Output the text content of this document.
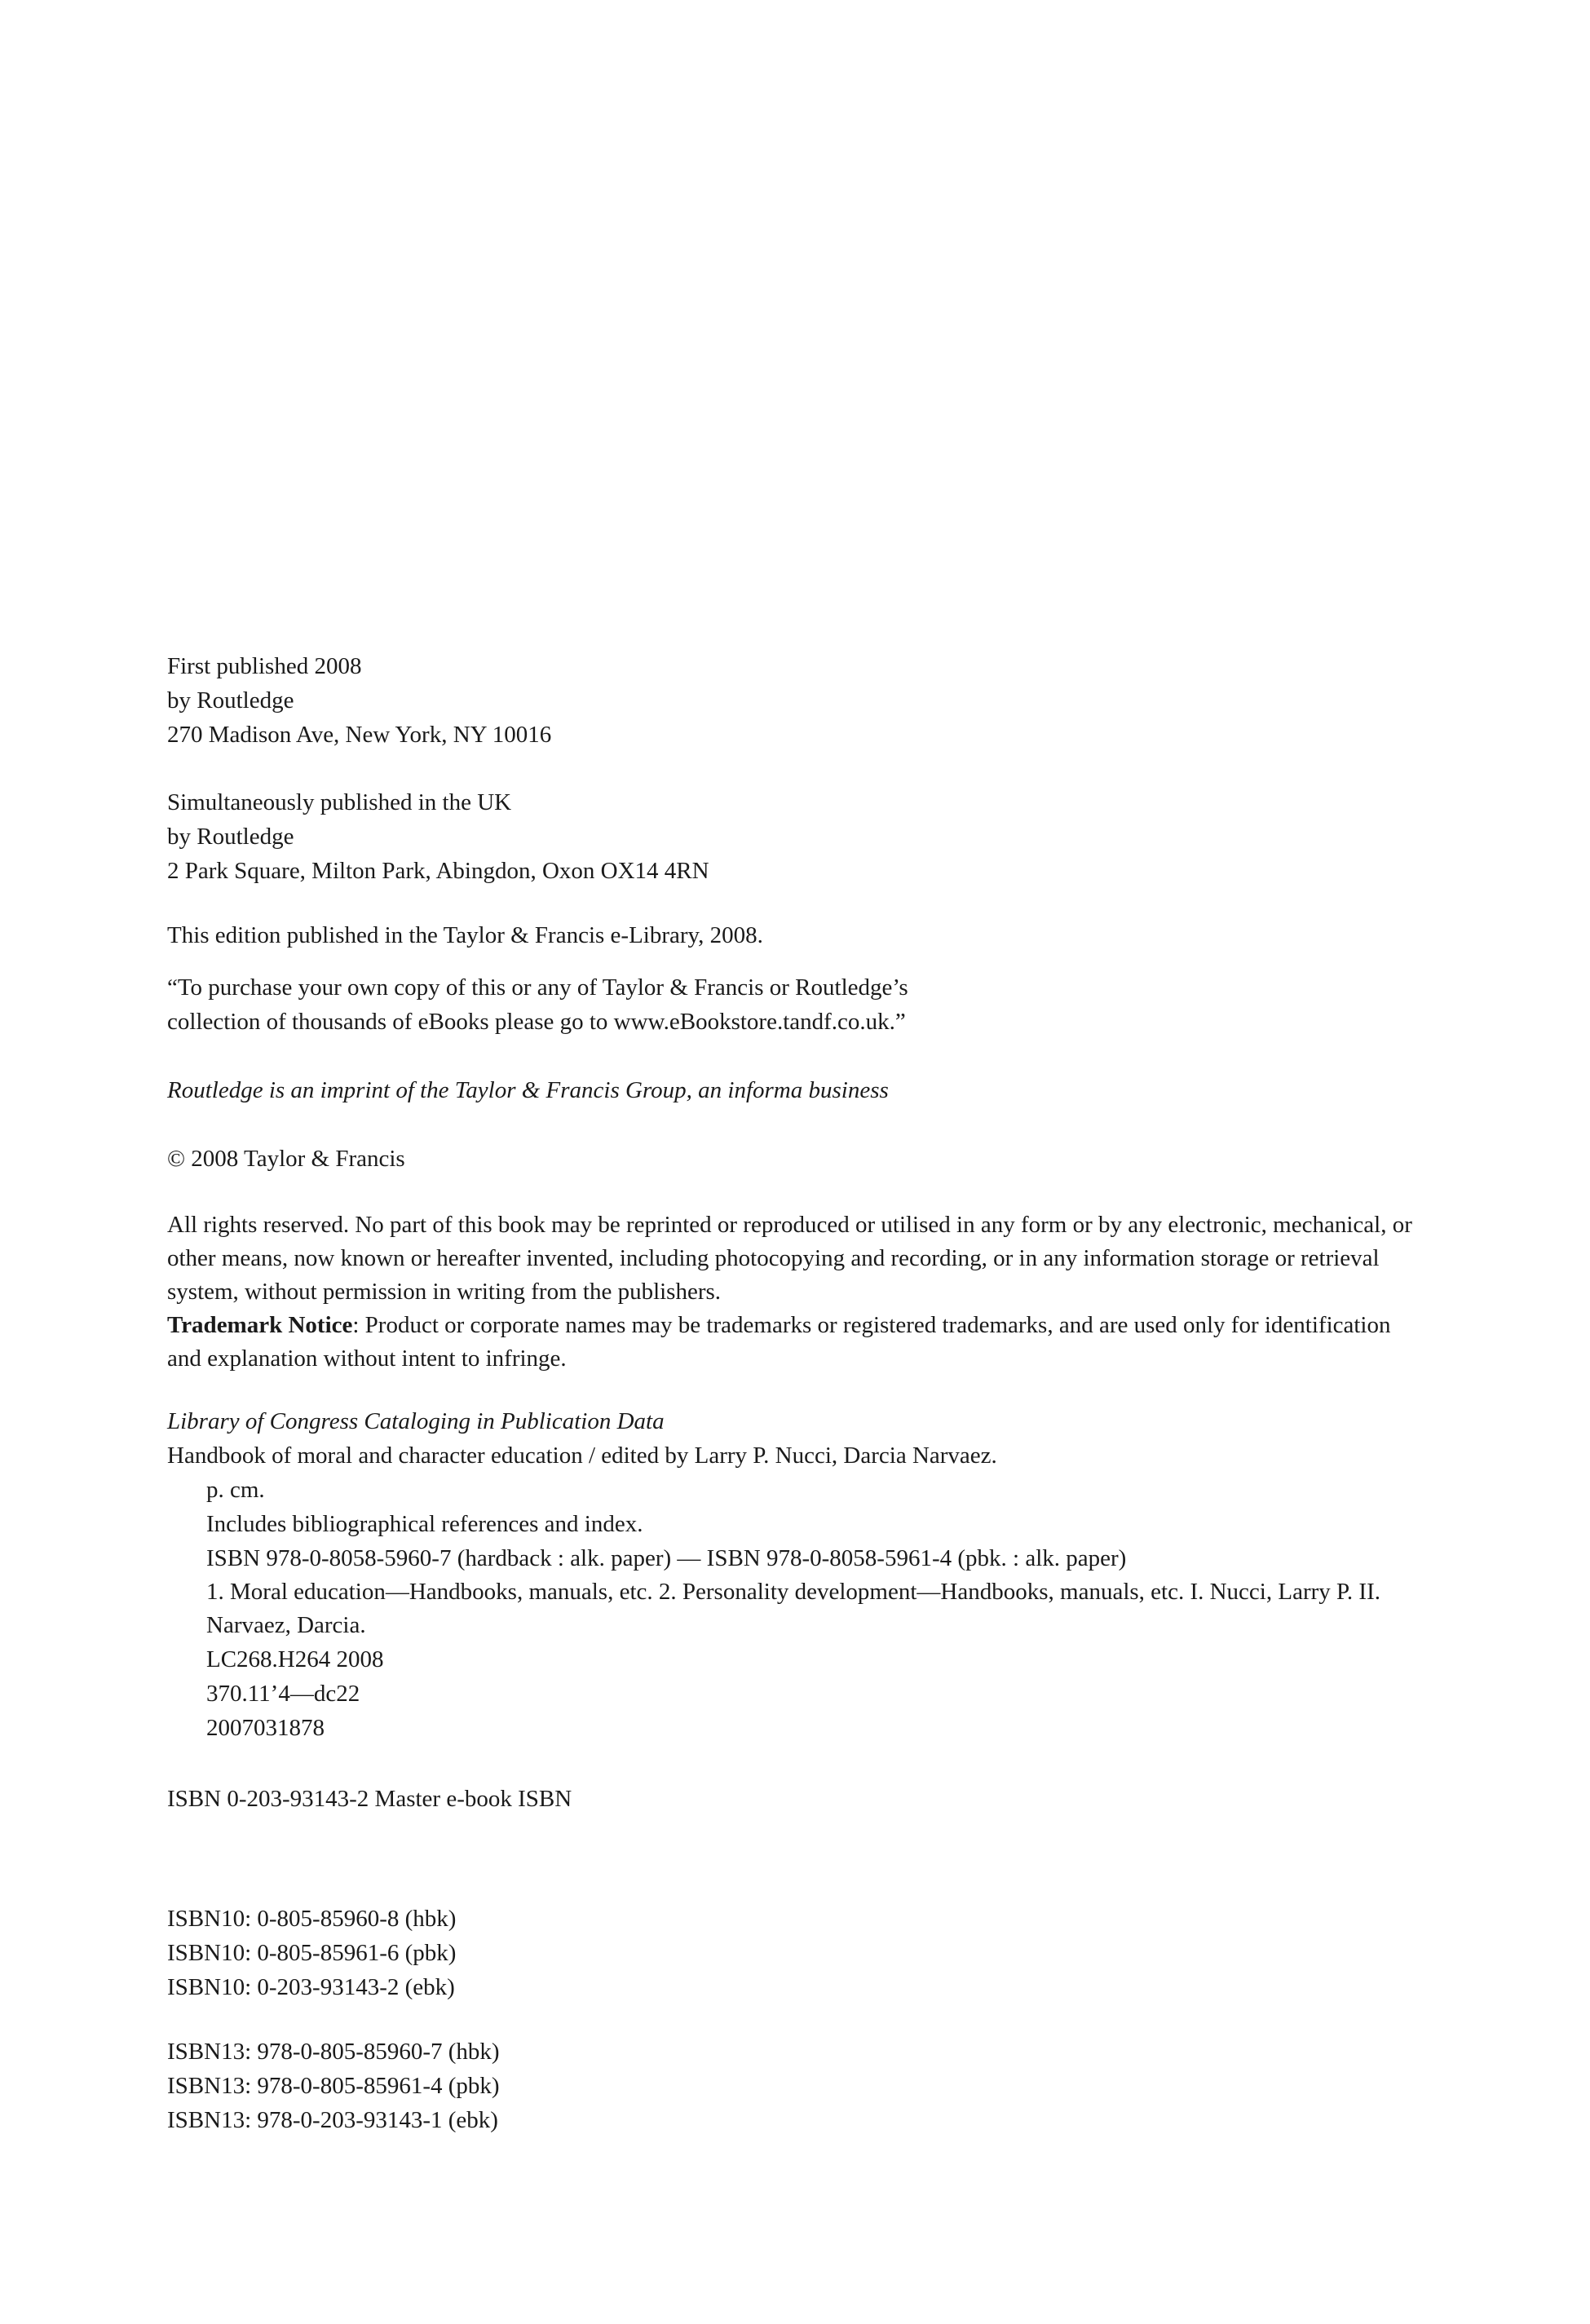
First published 2008
by Routledge
270 Madison Ave, New York, NY 10016
Simultaneously published in the UK
by Routledge
2 Park Square, Milton Park, Abingdon, Oxon OX14 4RN
This edition published in the Taylor & Francis e-Library, 2008.
“To purchase your own copy of this or any of Taylor & Francis or Routledge’s
collection of thousands of eBooks please go to www.eBookstore.tandf.co.uk.”
Routledge is an imprint of the Taylor & Francis Group, an informa business
© 2008 Taylor & Francis
All rights reserved. No part of this book may be reprinted or reproduced or utilised in any form or by any electronic, mechanical, or other means, now known or hereafter invented, including photocopying and recording, or in any information storage or retrieval system, without permission in writing from the publishers.
Trademark Notice: Product or corporate names may be trademarks or registered trademarks, and are used only for identification and explanation without intent to infringe.
Library of Congress Cataloging in Publication Data
Handbook of moral and character education / edited by Larry P. Nucci, Darcia Narvaez.
p. cm.
Includes bibliographical references and index.
ISBN 978-0-8058-5960-7 (hardback : alk. paper) — ISBN 978-0-8058-5961-4 (pbk. : alk. paper)
1. Moral education—Handbooks, manuals, etc. 2. Personality development—Handbooks, manuals, etc. I. Nucci, Larry P. II. Narvaez, Darcia.
LC268.H264 2008
370.11’4—dc22
2007031878
ISBN 0-203-93143-2 Master e-book ISBN
ISBN10: 0-805-85960-8 (hbk)
ISBN10: 0-805-85961-6 (pbk)
ISBN10: 0-203-93143-2 (ebk)
ISBN13: 978-0-805-85960-7 (hbk)
ISBN13: 978-0-805-85961-4 (pbk)
ISBN13: 978-0-203-93143-1 (ebk)
